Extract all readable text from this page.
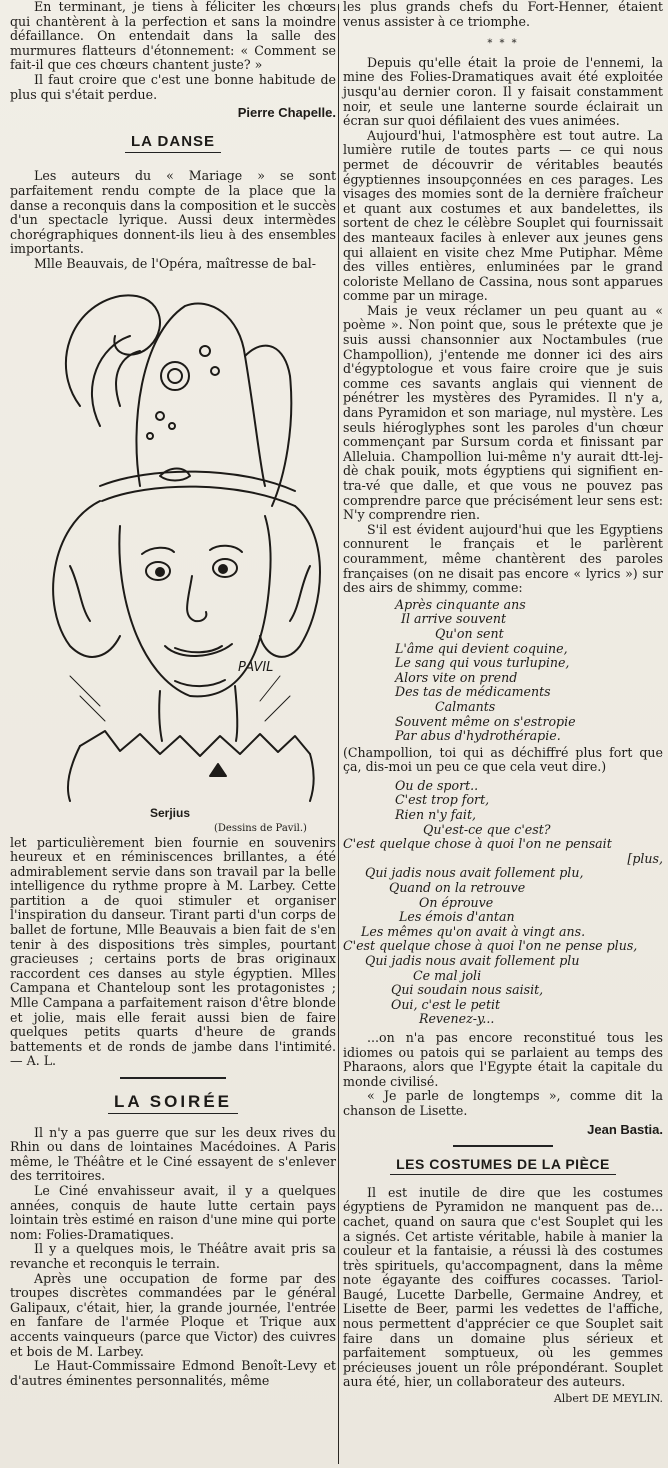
En terminant, je tiens à féliciter les chœurs qui chantèrent à la perfection et sans la moindre défaillance. On entendait dans la salle des murmures flatteurs d'étonnement: « Comment se fait-il que ces chœurs chantent juste? »

Il faut croire que c'est une bonne habitude de plus qui s'était perdue.

Pierre Chapelle.
LA DANSE

Les auteurs du « Mariage » se sont parfaitement rendu compte de la place que la danse a reconquis dans la composition et le succès d'un spectacle lyrique. Aussi deux intermèdes chorégraphiques donnent-ils lieu à des ensembles importants.

Mlle Beauvais, de l'Opéra, maîtresse de bal-

PAVIL
Serjius
(Dessins de Pavil.)

let particulièrement bien fournie en souvenirs heureux et en réminiscences brillantes, a été admirablement servie dans son travail par la belle intelligence du rythme propre à M. Larbey. Cette partition a de quoi stimuler et organiser l'inspiration du danseur. Tirant parti d'un corps de ballet de fortune, Mlle Beauvais a bien fait de s'en tenir à des dispositions très simples, pourtant gracieuses ; certains ports de bras originaux raccordent ces danses au style égyptien. Mlles Campana et Chanteloup sont les protagonistes ; Mlle Campana a parfaitement raison d'être blonde et jolie, mais elle ferait aussi bien de faire quelques petits quarts d'heure de grands battements et de ronds de jambe dans l'intimité. — A. L.

LA SOIRÉE

Il n'y a pas guerre que sur les deux rives du Rhin ou dans de lointaines Macédoines. A Paris même, le Théâtre et le Ciné essayent de s'enlever des territoires.

Le Ciné envahisseur avait, il y a quelques années, conquis de haute lutte certain pays lointain très estimé en raison d'une mine qui porte nom: Folies-Dramatiques.

Il y a quelques mois, le Théâtre avait pris sa revanche et reconquis le terrain.

Après une occupation de forme par des troupes discrètes commandées par le général Galipaux, c'était, hier, la grande journée, l'entrée en fanfare de l'armée Ploque et Trique aux accents vainqueurs (parce que Victor) des cuivres et bois de M. Larbey.

Le Haut-Commissaire Edmond Benoît-Levy et d'autres éminentes personnalités, même

les plus grands chefs du Fort-Henner, étaient venus assister à ce triomphe.

* * *

Depuis qu'elle était la proie de l'ennemi, la mine des Folies-Dramatiques avait été exploitée jusqu'au dernier coron. Il y faisait constamment noir, et seule une lanterne sourde éclairait un écran sur quoi défilaient des vues animées.

Aujourd'hui, l'atmosphère est tout autre. La lumière rutile de toutes parts — ce qui nous permet de découvrir de véritables beautés égyptiennes insoupçonnées en ces parages. Les visages des momies sont de la dernière fraîcheur et quant aux costumes et aux bandelettes, ils sortent de chez le célèbre Souplet qui fournissait des manteaux faciles à enlever aux jeunes gens qui allaient en visite chez Mme Putiphar. Même des villes entières, enluminées par le grand coloriste Mellano de Cassina, nous sont apparues comme par un mirage.

Mais je veux réclamer un peu quant au « poème ». Non point que, sous le prétexte que je suis aussi chansonnier aux Noctambules (rue Champollion), j'entende me donner ici des airs d'égyptologue et vous faire croire que je suis comme ces savants anglais qui viennent de pénétrer les mystères des Pyramides. Il n'y a, dans Pyramidon et son mariage, nul mystère. Les seuls hiéroglyphes sont les paroles d'un chœur commençant par Sursum corda et finissant par Alleluia. Champollion lui-même n'y aurait dtt-lej-dè chak pouik, mots égyptiens qui signifient en-tra-vé que dalle, et que vous ne pouvez pas comprendre parce que précisément leur sens est: N'y comprendre rien.

S'il est évident aujourd'hui que les Egyptiens connurent le français et le parlèrent couramment, même chantèrent des paroles françaises (on ne disait pas encore « lyrics ») sur des airs de shimmy, comme:

Après cinquante ans
Il arrive souvent
Qu'on sent
L'âme qui devient coquine,
Le sang qui vous turlupine,
Alors vite on prend
Des tas de médicaments
Calmants
Souvent même on s'estropie
Par abus d'hydrothérapie.

(Champollion, toi qui as déchiffré plus fort que ça, dis-moi un peu ce que cela veut dire.)

Ou de sport..
C'est trop fort,
Rien n'y fait,
Qu'est-ce que c'est?
C'est quelque chose à quoi l'on ne pensait
[plus,
Qui jadis nous avait follement plu,
Quand on la retrouve
On éprouve
Les émois d'antan
Les mêmes qu'on avait à vingt ans.
C'est quelque chose à quoi l'on ne pense plus,
Qui jadis nous avait follement plu
Ce mal joli
Qui soudain nous saisit,
Oui, c'est le petit
Revenez-y...

...on n'a pas encore reconstitué tous les idiomes ou patois qui se parlaient au temps des Pharaons, alors que l'Egypte était la capitale du monde civilisé.

« Je parle de longtemps », comme dit la chanson de Lisette.

Jean Bastia.
LES COSTUMES DE LA PIÈCE

Il est inutile de dire que les costumes égyptiens de Pyramidon ne manquent pas de... cachet, quand on saura que c'est Souplet qui les a signés. Cet artiste véritable, habile à manier la couleur et la fantaisie, a réussi là des costumes très spirituels, qu'accompagnent, dans la même note égayante des coiffures cocasses. Tariol-Baugé, Lucette Darbelle, Germaine Andrey, et Lisette de Beer, parmi les vedettes de l'affiche, nous permettent d'apprécier ce que Souplet sait faire dans un domaine plus sérieux et parfaitement somptueux, où les gemmes précieuses jouent un rôle prépondérant. Souplet aura été, hier, un collaborateur des auteurs.

Albert DE MEYLIN.
